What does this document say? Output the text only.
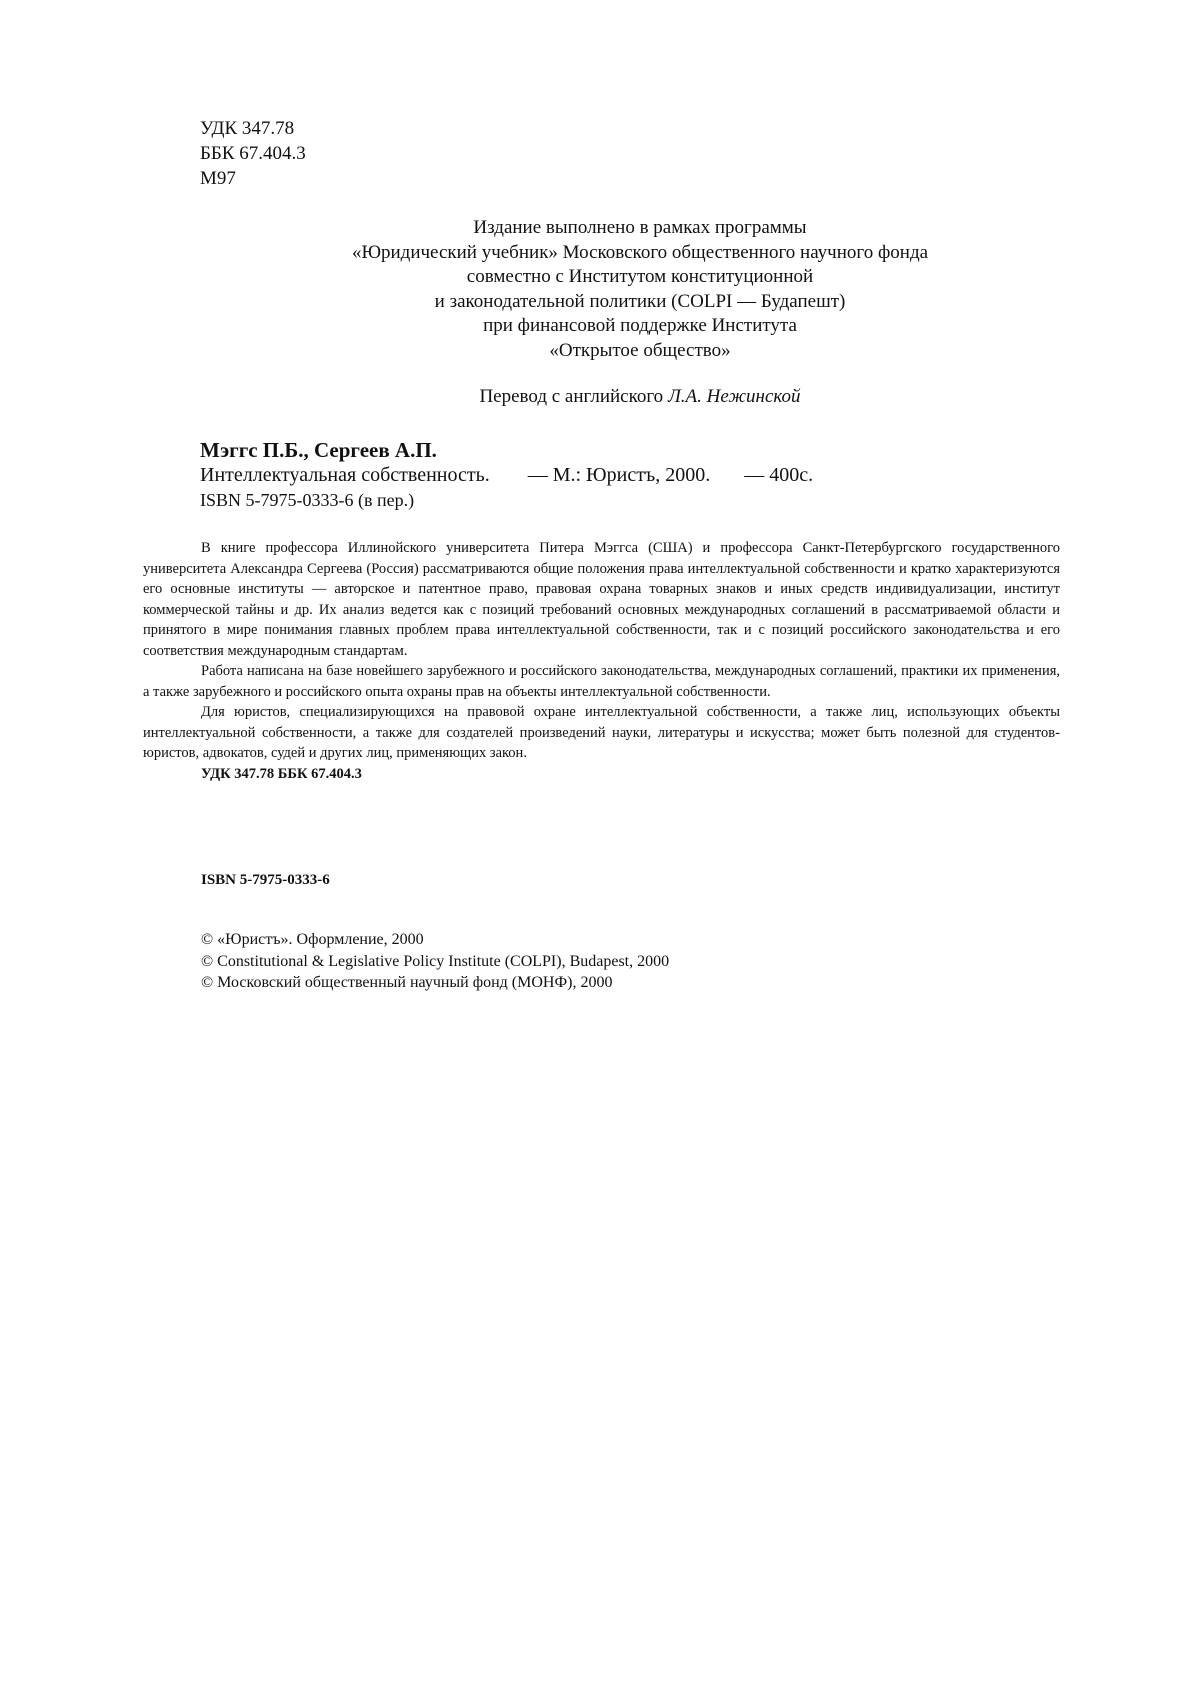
УДК 347.78
ББК 67.404.3
М97
Издание выполнено в рамках программы
«Юридический учебник» Московского общественного научного фонда
совместно с Институтом конституционной
и законодательной политики (COLPI — Будапешт)
при финансовой поддержке Института
«Открытое общество»
Перевод с английского Л.А. Нежинской
Мэггс П.Б., Сергеев А.П.
Интеллектуальная собственность. — М.: Юристъ, 2000. — 400с.
ISBN 5-7975-0333-6 (в пер.)

В книге профессора Иллинойского университета Питера Мэггса (США) и профессора Санкт-Петербургского государственного университета Александра Сергеева (Россия) рассматриваются общие положения права интеллектуальной собственности и кратко характеризуются его основные институты — авторское и патентное право, правовая охрана товарных знаков и иных средств индивидуализации, институт коммерческой тайны и др. Их анализ ведется как с позиций требований основных международных соглашений в рассматриваемой области и принятого в мире понимания главных проблем права интеллектуальной собственности, так и с позиций российского законодательства и его соответствия международным стандартам.

Работа написана на базе новейшего зарубежного и российского законодательства, международных соглашений, практики их применения, а также зарубежного и российского опыта охраны прав на объекты интеллектуальной собственности.

Для юристов, специализирующихся на правовой охране интеллектуальной собственности, а также лиц, использующих объекты интеллектуальной собственности, а также для создателей произведений науки, литературы и искусства; может быть полезной для студентов-юристов, адвокатов, судей и других лиц, применяющих закон.

УДК 347.78 ББК 67.404.3

ISBN 5-7975-0333-6
© «Юристъ». Оформление, 2000
© Constitutional & Legislative Policy Institute (COLPI), Budapest, 2000
© Московский общественный научный фонд (МОНФ), 2000
